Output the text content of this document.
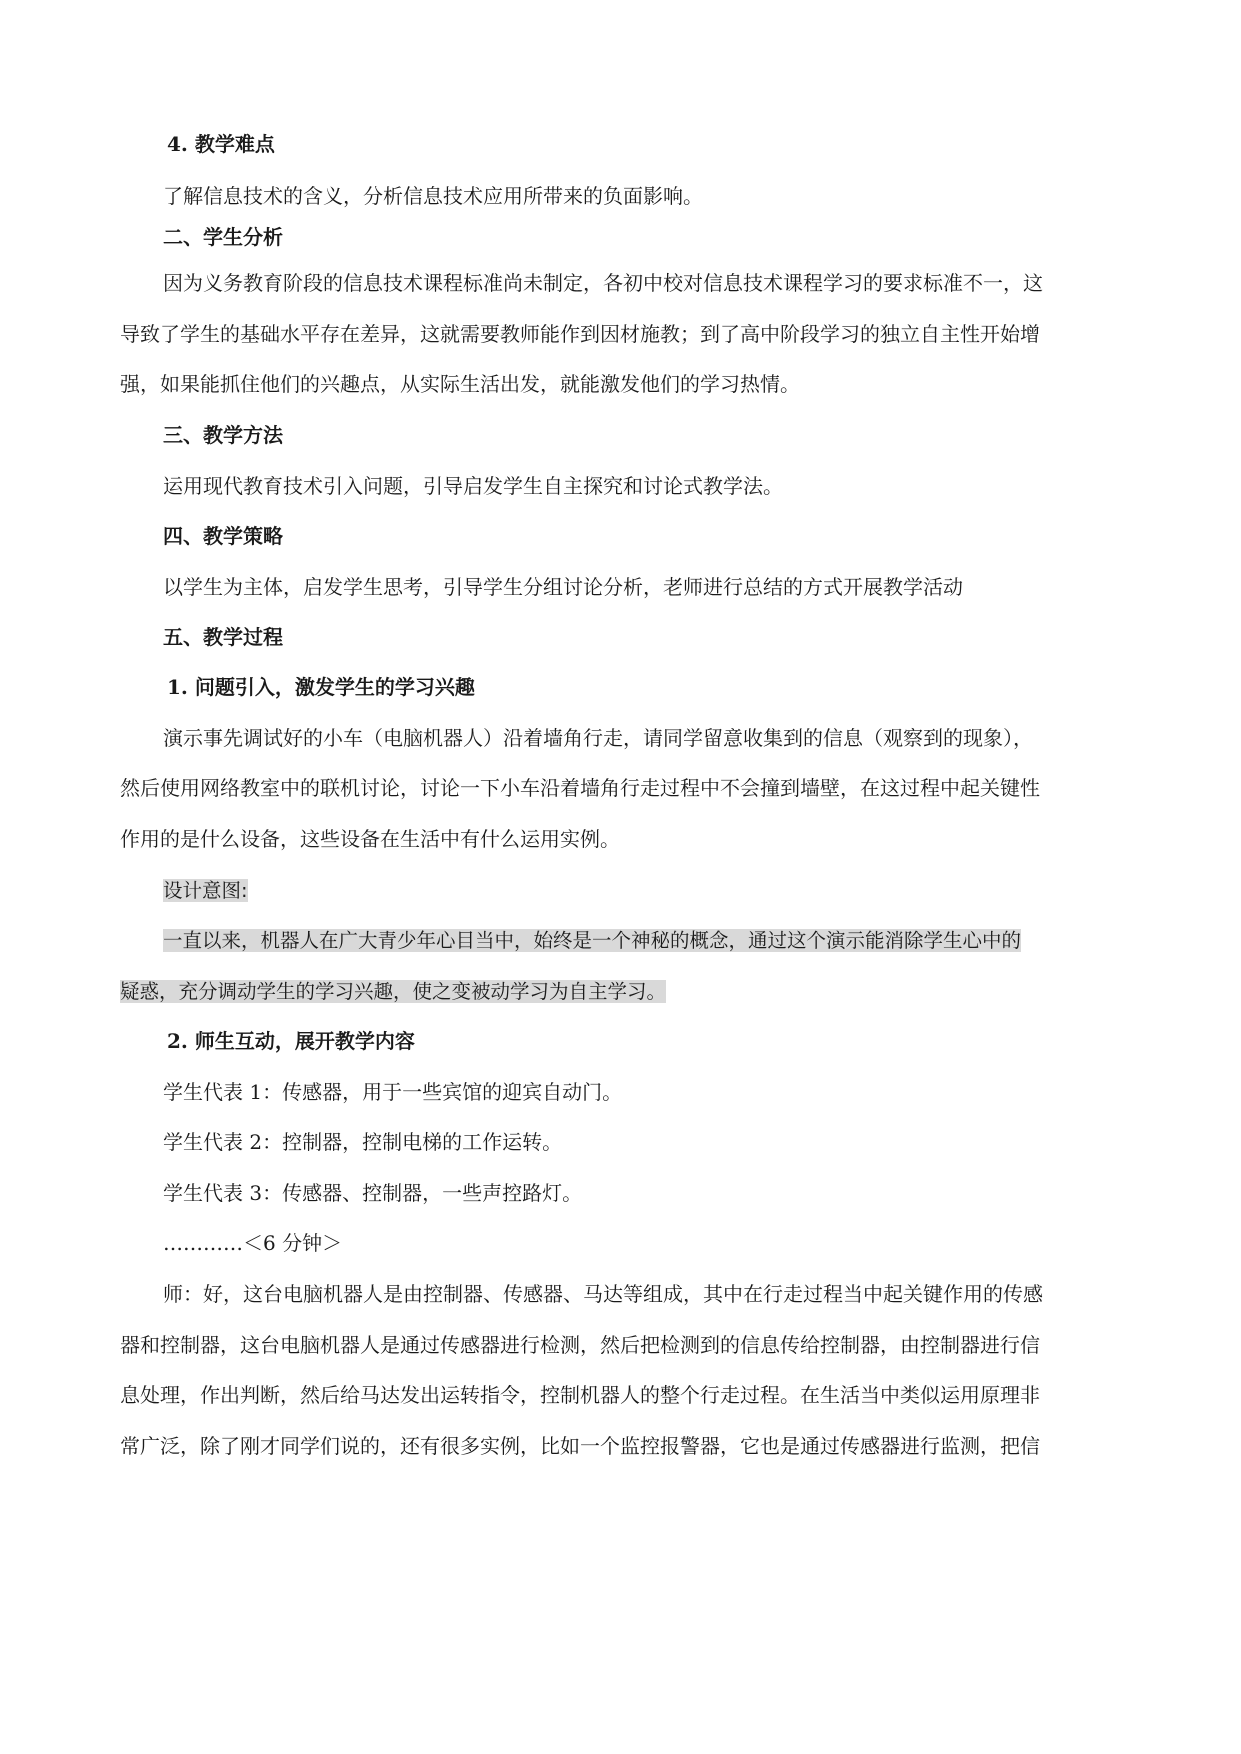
4. 教学难点
了解信息技术的含义，分析信息技术应用所带来的负面影响。
二、学生分析
因为义务教育阶段的信息技术课程标准尚未制定，各初中校对信息技术课程学习的要求标准不一，这
导致了学生的基础水平存在差异，这就需要教师能作到因材施教；到了高中阶段学习的独立自主性开始增
强，如果能抓住他们的兴趣点，从实际生活出发，就能激发他们的学习热情。
三、教学方法
运用现代教育技术引入问题，引导启发学生自主探究和讨论式教学法。
四、教学策略
以学生为主体，启发学生思考，引导学生分组讨论分析，老师进行总结的方式开展教学活动
五、教学过程
1. 问题引入，激发学生的学习兴趣
演示事先调试好的小车（电脑机器人）沿着墙角行走，请同学留意收集到的信息（观察到的现象），
然后使用网络教室中的联机讨论，讨论一下小车沿着墙角行走过程中不会撞到墙壁，在这过程中起关键性
作用的是什么设备，这些设备在生活中有什么运用实例。
设计意图:
一直以来，机器人在广大青少年心目当中，始终是一个神秘的概念，通过这个演示能消除学生心中的
疑惑，充分调动学生的学习兴趣，使之变被动学习为自主学习。
2. 师生互动，展开教学内容
学生代表 1：传感器，用于一些宾馆的迎宾自动门。
学生代表 2：控制器，控制电梯的工作运转。
学生代表 3：传感器、控制器，一些声控路灯。
…………＜6 分钟＞
师：好，这台电脑机器人是由控制器、传感器、马达等组成，其中在行走过程当中起关键作用的传感
器和控制器，这台电脑机器人是通过传感器进行检测，然后把检测到的信息传给控制器，由控制器进行信
息处理，作出判断，然后给马达发出运转指令，控制机器人的整个行走过程。在生活当中类似运用原理非
常广泛，除了刚才同学们说的，还有很多实例，比如一个监控报警器，它也是通过传感器进行监测，把信
